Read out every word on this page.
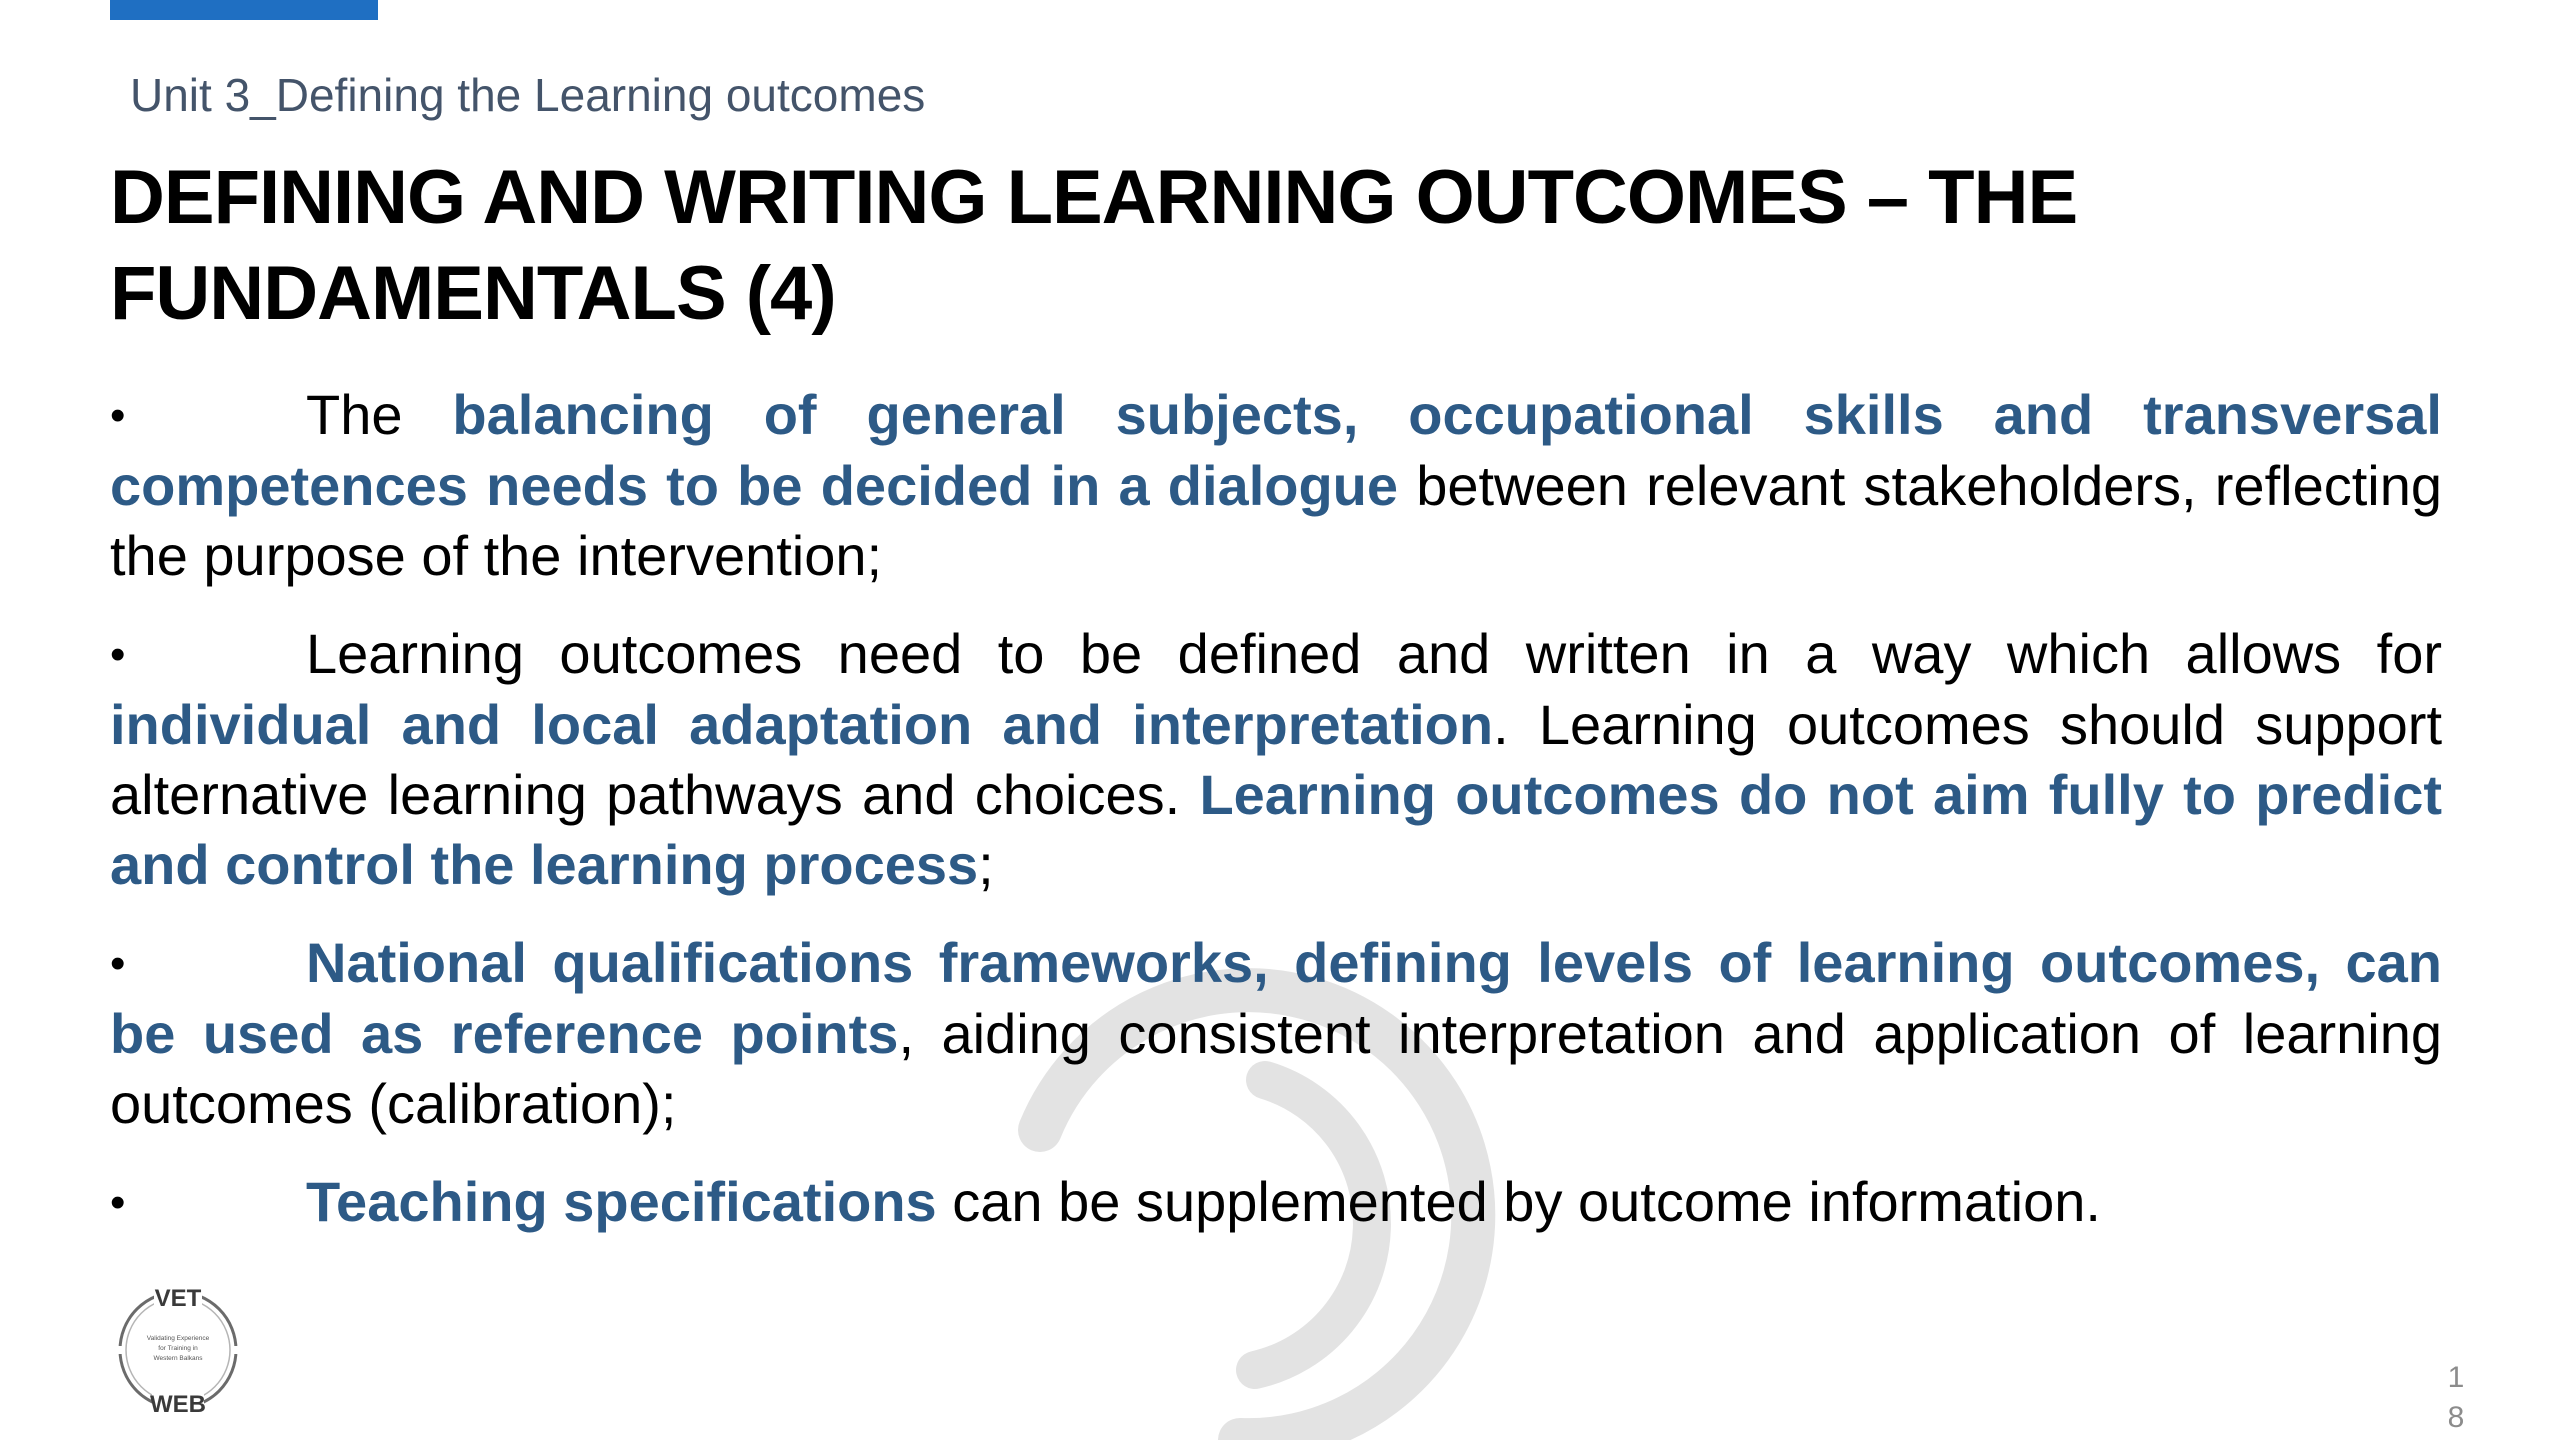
Unit 3_Defining the Learning outcomes
DEFINING AND WRITING LEARNING OUTCOMES – THE FUNDAMENTALS (4)
•	The balancing of general subjects, occupational skills and transversal competences needs to be decided in a dialogue between relevant stakeholders, reflecting the purpose of the intervention;
•	Learning outcomes need to be defined and written in a way which allows for individual and local adaptation and interpretation. Learning outcomes should support alternative learning pathways and choices. Learning outcomes do not aim fully to predict and control the learning process;
•	National qualifications frameworks, defining levels of learning outcomes, can be used as reference points, aiding consistent interpretation and application of learning outcomes (calibration);
•	Teaching specifications can be supplemented by outcome information.
VET
WEB
Validating Experience
for Training in
Western Balkans
1
8
